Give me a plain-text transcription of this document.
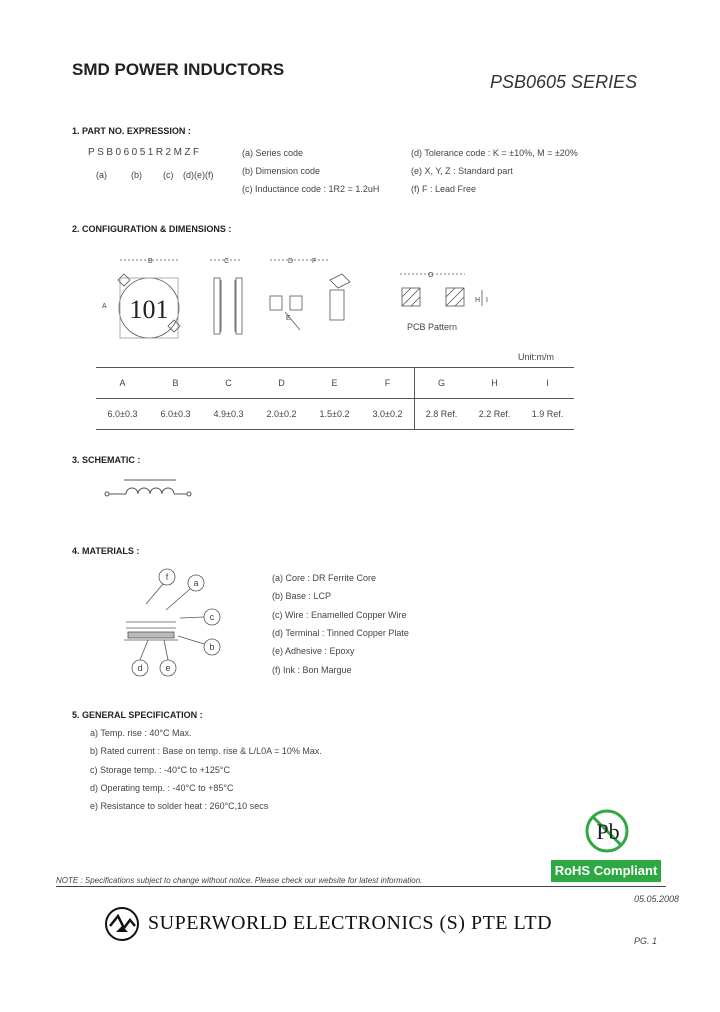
SMD POWER INDUCTORS
PSB0605 SERIES
1. PART NO. EXPRESSION :
PSB06051R2MZF
(a)	(b) (c) (d)(e)(f)
(a) Series code
(b) Dimension code
(c) Inductance code : 1R2 = 1.2uH
(d) Tolerance code : K = ±10%, M = ±20%
(e) X, Y, Z : Standard part
(f) F : Lead Free
2. CONFIGURATION & DIMENSIONS :
101
B
A
C	D	F
E
G
H I
PCB Pattern
Unit:m/m
A	B	C	D	E	F	G	H	I
6.0±0.3	6.0±0.3	4.9±0.3	2.0±0.2	1.5±0.2	3.0±0.2	2.8 Ref.	2.2 Ref.	1.9 Ref.
3. SCHEMATIC :
4. MATERIALS :
f
a
c
b
d	e
(a) Core : DR Ferrite Core
(b) Base : LCP
(c) Wire : Enamelled Copper Wire
(d) Terminal : Tinned Copper Plate
(e) Adhesive : Epoxy
(f) Ink : Bon Margue
5. GENERAL SPECIFICATION :
a) Temp. rise : 40°C Max.
b) Rated current : Base on temp. rise & L/L0A = 10% Max.
c) Storage temp. : -40°C to +125°C
d) Operating temp. : -40°C to +85°C
e) Resistance to solder heat : 260°C,10 secs
Pb
RoHS Compliant
NOTE : Specifications subject to change without notice. Please check our website for latest information.
05.05.2008
SUPERWORLD ELECTRONICS (S) PTE LTD
PG. 1
